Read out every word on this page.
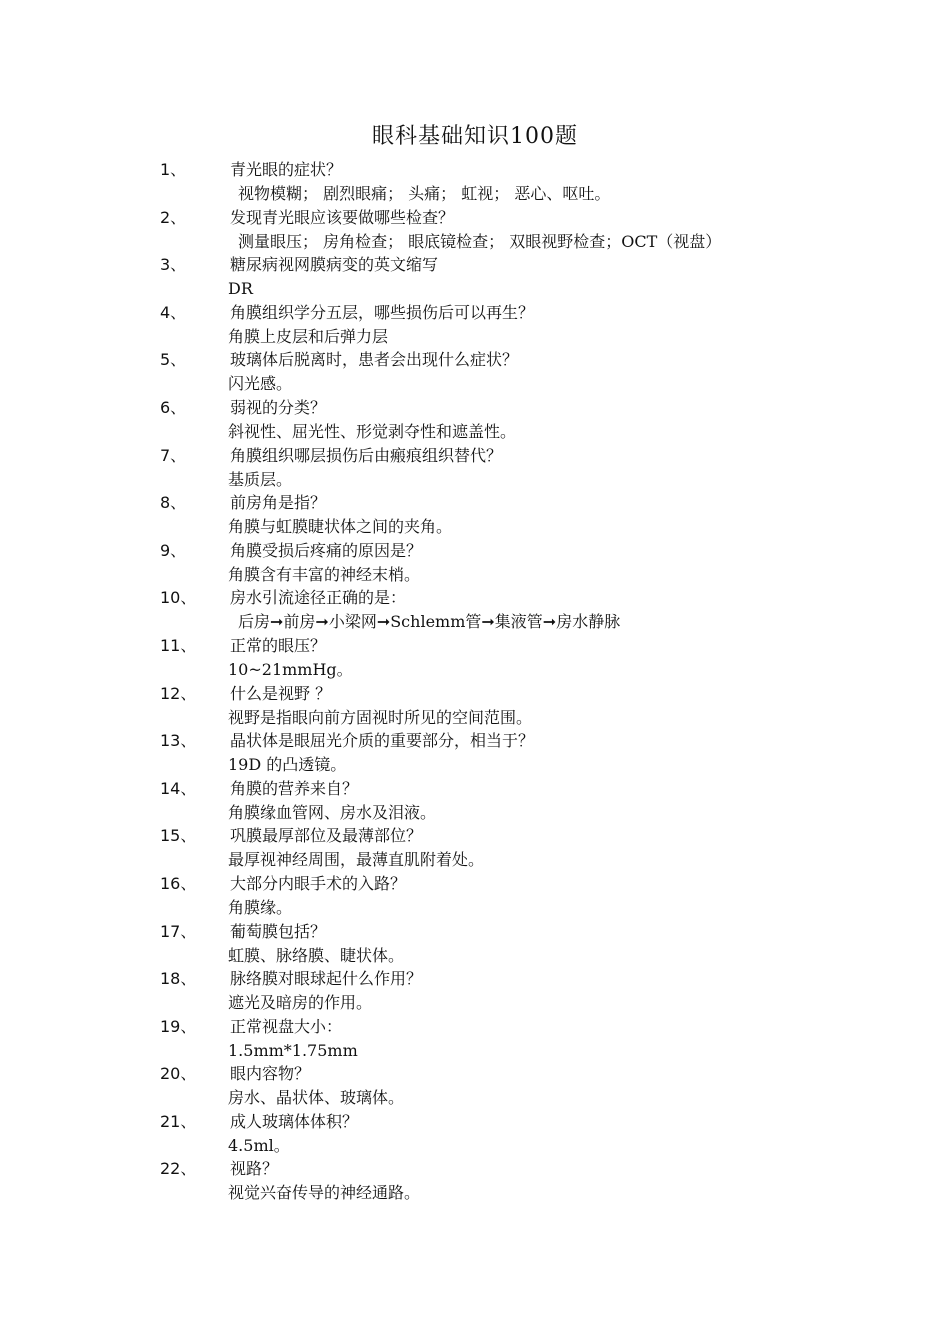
眼科基础知识100题
1、	青光眼的症状？
视物模糊； 剧烈眼痛； 头痛； 虹视； 恶心、呕吐。
2、	发现青光眼应该要做哪些检查？
测量眼压； 房角检查； 眼底镜检查； 双眼视野检查；OCT（视盘）
3、	糖尿病视网膜病变的英文缩写
DR
4、	角膜组织学分五层，哪些损伤后可以再生？
角膜上皮层和后弹力层
5、	玻璃体后脱离时，患者会出现什么症状？
闪光感。
6、	弱视的分类？
斜视性、屈光性、形觉剥夺性和遮盖性。
7、	角膜组织哪层损伤后由瘢痕组织替代？
基质层。
8、	前房角是指？
角膜与虹膜睫状体之间的夹角。
9、	角膜受损后疼痛的原因是？
角膜含有丰富的神经末梢。
10、 房水引流途径正确的是：
后房➞前房➞小梁网➞Schlemm管➞集液管➞房水静脉
11、 正常的眼压？
10~21mmHg。
12、 什么是视野 ？
视野是指眼向前方固视时所见的空间范围。
13、 晶状体是眼屈光介质的重要部分，相当于？
19D 的凸透镜。
14、 角膜的营养来自？
角膜缘血管网、房水及泪液。
15、 巩膜最厚部位及最薄部位？
最厚视神经周围，最薄直肌附着处。
16、 大部分内眼手术的入路？
角膜缘。
17、 葡萄膜包括？
虹膜、脉络膜、睫状体。
18、 脉络膜对眼球起什么作用？
遮光及暗房的作用。
19、 正常视盘大小：
1.5mm*1.75mm
20、 眼内容物？
房水、晶状体、玻璃体。
21、 成人玻璃体体积？
4.5ml。
22、 视路？
视觉兴奋传导的神经通路。
